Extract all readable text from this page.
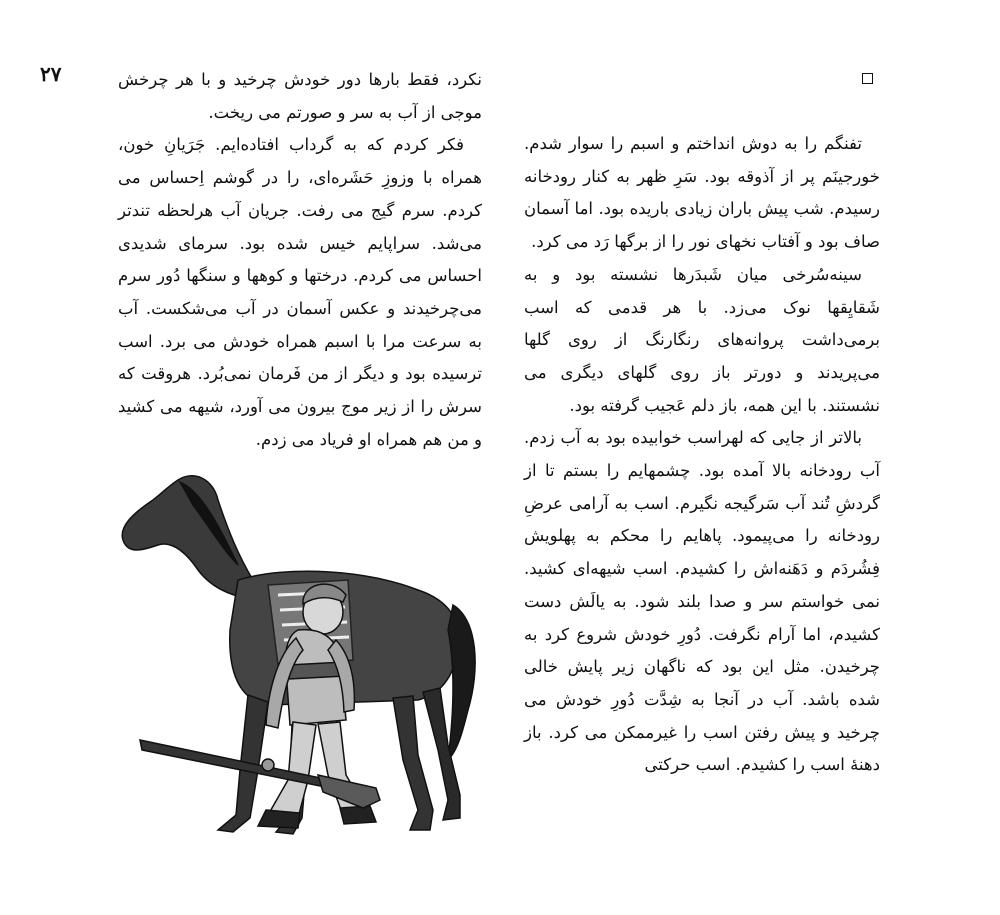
۲۷	نکرد، فقط بارها دور خودش چرخید و با هر چرخش موجی از آب به سر و صورتم می ریخت.

فکر کردم که به گرداب افتاده‌ایم. جَرَیانِ خون، همراه با وزوزِ حَشَره‌ای، را در گوشم اِحساس می کردم. سرم گیج می رفت. جریان آب هرلحظه تندتر می‌شد. سراپایم خیس شده بود. سرمای شدیدی احساس می کردم. درختها و کوهها و سنگها دُور سرم می‌چرخیدند و عکس آسمان در آب می‌شکست. آب به سرعت مرا با اسبم همراه خودش می برد. اسب ترسیده بود و دیگر از من فَرمان نمی‌بُرد. هروقت که سرش را از زیر موج بیرون می آورد، شیهه می کشید و من هم همراه او فریاد می زدم.

تفنگم را به دوش انداختم و اسبم را سوار شدم. خورجینَم پر از آذوقه بود. سَرِ ظهر به کنار رودخانه رسیدم. شب پیش باران زیادی باریده بود. اما آسمان صاف بود و آفتاب نخهای نور را از برگها رَد می کرد.

سینه‌سُرخی میان شَبدَرها نشسته بود و به شَقایِقها نوک می‌زد. با هر قدمی که اسب برمی‌داشت پروانه‌های رنگارنگ از روی گلها می‌پریدند و دورتر باز روی گلهای دیگری می نشستند. با این همه، باز دلم عَجیب گرفته بود.

بالاتر از جایی که لهراسب خوابیده بود به آب زدم. آب رودخانه بالا آمده بود. چشمهایم را بستم تا از گردشِ تُند آب سَرگیجه نگیرم. اسب به آرامی عرضِ رودخانه را می‌پیمود. پاهایم را محکم به پهلویش فِشُردَم و دَهَنه‌اش را کشیدم. اسب شیهه‌ای کشید. نمی خواستم سر و صدا بلند شود. به یالَش دست کشیدم، اما آرام نگرفت. دُورِ خودش شروع کرد به چرخیدن. مثل این بود که ناگهان زیر پایش خالی شده باشد. آب در آنجا به شِدَّت دُورِ خودش می چرخید و پیش رفتن اسب را غیرممکن می کرد. باز دهنهٔ اسب را کشیدم. اسب حرکتی
